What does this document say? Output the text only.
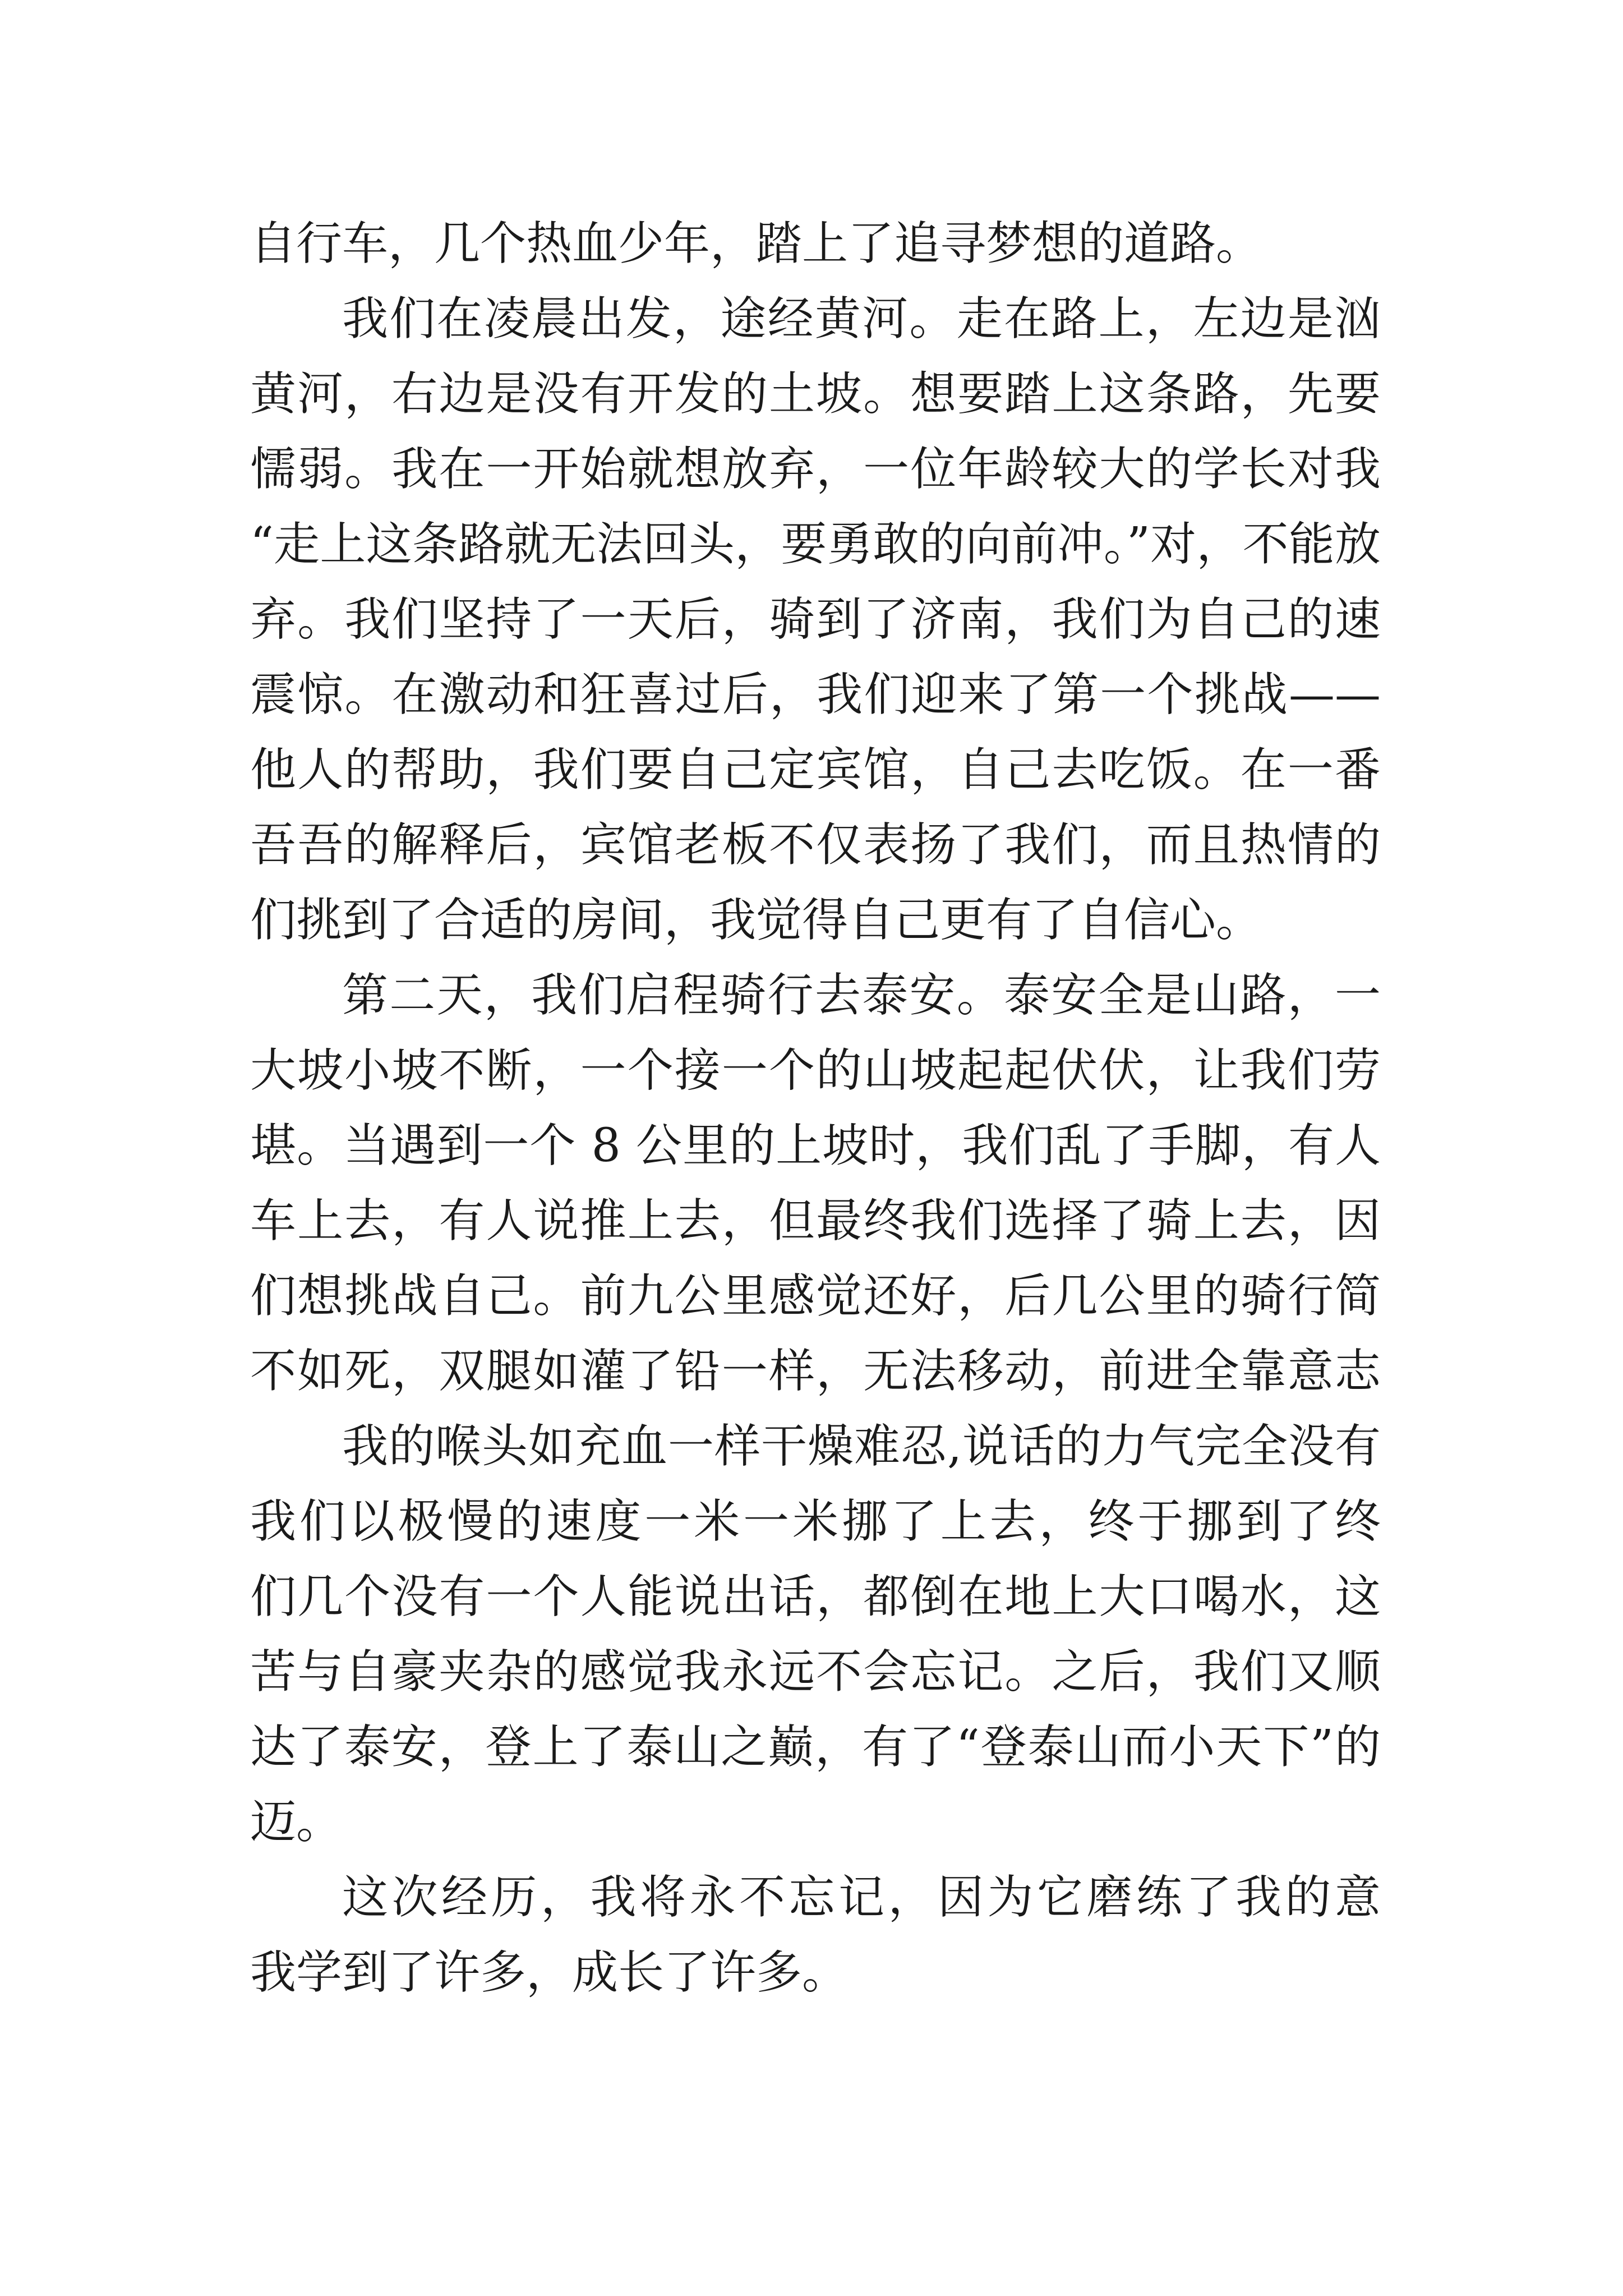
自行车，几个热血少年，踏上了追寻梦想的道路。
我们在凌晨出发，途经黄河。走在路上，左边是汹
黄河，右边是没有开发的土坡。想要踏上这条路，先要
懦弱。我在一开始就想放弃，一位年龄较大的学长对我
“走上这条路就无法回头，要勇敢的向前冲。”对，不能放
弃。我们坚持了一天后，骑到了济南，我们为自己的速
震惊。在激动和狂喜过后，我们迎来了第一个挑战——
他人的帮助，我们要自己定宾馆，自己去吃饭。在一番
吾吾的解释后，宾馆老板不仅表扬了我们，而且热情的
们挑到了合适的房间，我觉得自己更有了自信心。
第二天，我们启程骑行去泰安。泰安全是山路，一
大坡小坡不断，一个接一个的山坡起起伏伏，让我们劳
堪。当遇到一个 8 公里的上坡时，我们乱了手脚，有人
车上去，有人说推上去，但最终我们选择了骑上去，因
们想挑战自己。前九公里感觉还好，后几公里的骑行简
不如死，双腿如灌了铅一样，无法移动，前进全靠意志
我的喉头如充血一样干燥难忍,说话的力气完全没有
我们以极慢的速度一米一米挪了上去，终于挪到了终
们几个没有一个人能说出话，都倒在地上大口喝水，这
苦与自豪夹杂的感觉我永远不会忘记。之后，我们又顺
达了泰安，登上了泰山之巅，有了“登泰山而小天下”的
迈。
这次经历，我将永不忘记，因为它磨练了我的意
我学到了许多，成长了许多。
